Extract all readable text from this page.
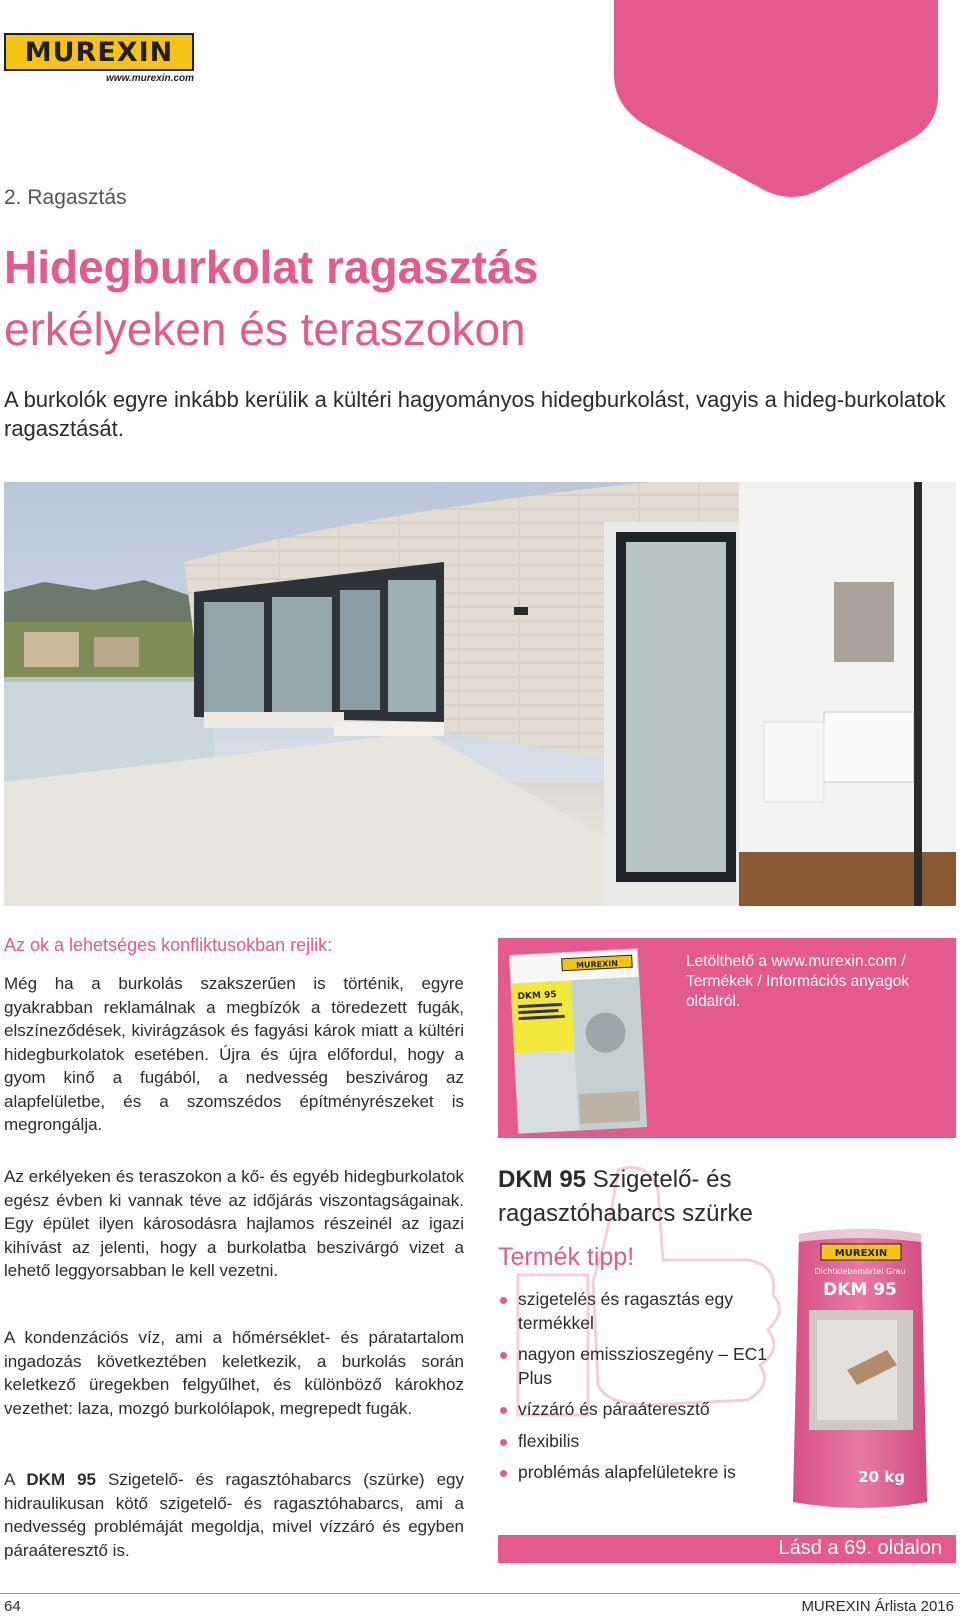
MUREXIN
www.murexin.com
2. Ragasztás
Hidegburkolat ragasztás
erkélyeken és teraszokon
A burkolók egyre inkább kerülik a kültéri hagyományos hidegburkolást, vagyis a hideg-burkolatok ragasztását.
Az ok a lehetséges konfliktusokban rejlik:
Még ha a burkolás szakszerűen is történik, egyre gyakrabban reklamálnak a megbízók a töredezett fugák, elszíneződések, kivirágzások és fagyási károk miatt a kültéri hidegburkolatok esetében. Újra és újra előfordul, hogy a gyom kinő a fugából, a nedvesség beszivárog az alapfelületbe, és a szomszédos építményrészeket is megrongálja.
Az erkélyeken és teraszokon a kő- és egyéb hidegburkolatok egész évben ki vannak téve az időjárás viszontagságainak. Egy épület ilyen károsodásra hajlamos részeinél az igazi kihívást az jelenti, hogy a burkolatba beszivárgó vizet a lehető leggyorsabban le kell vezetni.
A kondenzációs víz, ami a hőmérséklet- és páratartalom ingadozás következtében keletkezik, a burkolás során keletkező üregekben felgyűlhet, és különböző károkhoz vezethet: laza, mozgó burkolólapok, megrepedt fugák.
A DKM 95 Szigetelő- és ragasztóhabarcs (szürke) egy hidraulikusan kötő szigetelő- és ragasztóhabarcs, ami a nedvesség problémáját megoldja, mivel vízzáró és egyben páraáteresztő is.
MUREXIN
DKM 95
Letölthető a www.murexin.com / Termékek / Információs anyagok oldalról.
DKM 95 Szigetelő- és ragasztóhabarcs szürke
Termék tipp!
szigetelés és ragasztás egy termékkel
nagyon emisszioszegény – EC1 Plus
vízzáró és páraáteresztő
flexibilis
problémás alapfelületekre is
MUREXIN
Dichtklebemörtel Grau
DKM 95
20 kg
Lásd a 69. oldalon
64	MUREXIN Árlista 2016
